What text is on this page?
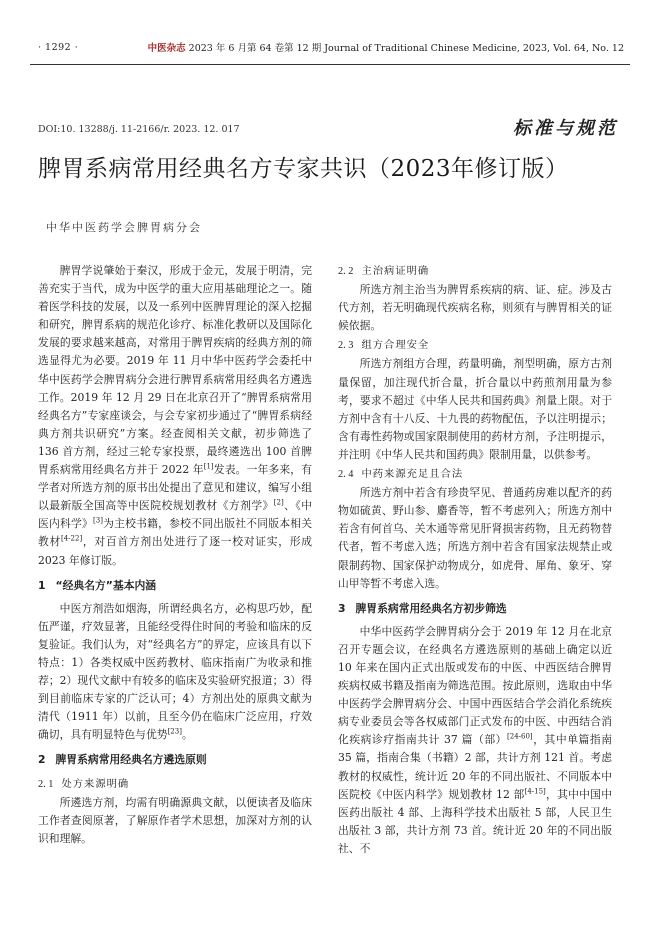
· 1292 ·	中医杂志 2023 年 6 月第 64 卷第 12 期 Journal of Traditional Chinese Medicine, 2023, Vol. 64, No. 12
DOI:10. 13288/j. 11-2166/r. 2023. 12. 017	标准与规范
脾胃系病常用经典名方专家共识（2023年修订版）
中华中医药学会脾胃病分会

脾胃学说肇始于秦汉，形成于金元，发展于明清，完善充实于当代，成为中医学的重大应用基础理论之一。随着医学科技的发展，以及一系列中医脾胃理论的深入挖掘和研究，脾胃系病的规范化诊疗、标准化教研以及国际化发展的要求越来越高，对常用于脾胃疾病的经典方剂的筛选显得尤为必要。2019 年 11 月中华中医药学会委托中华中医药学会脾胃病分会进行脾胃系病常用经典名方遴选工作。2019 年 12 月 29 日在北京召开了“脾胃系病常用经典名方”专家座谈会，与会专家初步通过了“脾胃系病经典方剂共识研究”方案。经查阅相关文献，初步筛选了 136 首方剂，经过三轮专家投票，最终遴选出 100 首脾胃系病常用经典名方并于 2022 年[1]发表。一年多来，有学者对所选方剂的原书出处提出了意见和建议，编写小组以最新版全国高等中医院校规划教材《方剂学》[2]、《中医内科学》[3]为主校书籍，参校不同出版社不同版本相关教材[4-22]，对百首方剂出处进行了逐一校对证实，形成 2023 年修订版。

1 “经典名方”基本内涵

中医方剂浩如烟海，所谓经典名方，必构思巧妙，配伍严谨，疗效显著，且能经受得住时间的考验和临床的反复验证。我们认为，对“经典名方”的界定，应该具有以下特点：1）各类权威中医药教材、临床指南广为收录和推荐；2）现代文献中有较多的临床及实验研究报道；3）得到目前临床专家的广泛认可；4）方剂出处的原典文献为清代（1911 年）以前，且至今仍在临床广泛应用，疗效确切，具有明显特色与优势[23]。

2 脾胃系病常用经典名方遴选原则
2. 1 处方来源明确

所遴选方剂，均需有明确源典文献，以便读者及临床工作者查阅原著，了解原作者学术思想，加深对方剂的认识和理解。

2. 2 主治病证明确

所选方剂主治当为脾胃系疾病的病、证、症。涉及古代方剂，若无明确现代疾病名称，则须有与脾胃相关的证候依据。

2. 3 组方合理安全

所选方剂组方合理，药量明确，剂型明确，原方古剂量保留，加注现代折合量，折合量以中药煎剂用量为参考，要求不超过《中华人民共和国药典》剂量上限。对于方剂中含有十八反、十九畏的药物配伍，予以注明提示；含有毒性药物或国家限制使用的药材方剂，予注明提示，并注明《中华人民共和国药典》限制用量，以供参考。

2. 4 中药来源充足且合法

所选方剂中若含有珍贵罕见、普通药房难以配齐的药物如硫黄、野山参、麝香等，暂不考虑列入；所选方剂中若含有何首乌、关木通等常见肝肾损害药物，且无药物替代者，暂不考虑入选；所选方剂中若含有国家法规禁止或限制药物、国家保护动物成分，如虎骨、犀角、象牙、穿山甲等暂不考虑入选。

3 脾胃系病常用经典名方初步筛选

中华中医药学会脾胃病分会于 2019 年 12 月在北京召开专题会议，在经典名方遴选原则的基础上确定以近 10 年来在国内正式出版或发布的中医、中西医结合脾胃疾病权威书籍及指南为筛选范围。按此原则，选取由中华中医药学会脾胃病分会、中国中西医结合学会消化系统疾病专业委员会等各权威部门正式发布的中医、中西结合消化疾病诊疗指南共计 37 篇（部）[24-60]，其中单篇指南 35 篇，指南合集（书籍）2 部，共计方剂 121 首。考虑教材的权威性，统计近 20 年的不同出版社、不同版本中医院校《中医内科学》规划教材 12 部[4-15]，其中中国中医药出版社 4 部、上海科学技术出版社 5 部，人民卫生出版社 3 部，共计方剂 73 首。统计近 20 年的不同出版社、不
